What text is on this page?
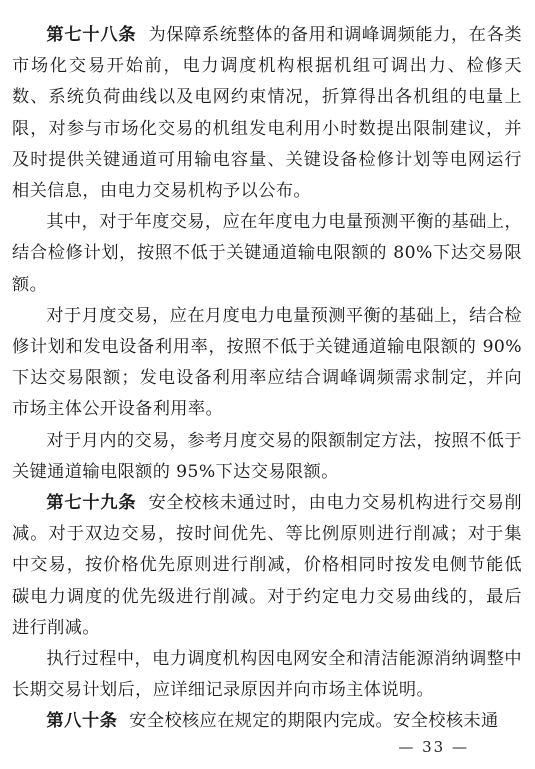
第七十八条 为保障系统整体的备用和调峰调频能力，在各类市场化交易开始前，电力调度机构根据机组可调出力、检修天数、系统负荷曲线以及电网约束情况，折算得出各机组的电量上限，对参与市场化交易的机组发电利用小时数提出限制建议，并及时提供关键通道可用输电容量、关键设备检修计划等电网运行相关信息，由电力交易机构予以公布。

其中，对于年度交易，应在年度电力电量预测平衡的基础上，结合检修计划，按照不低于关键通道输电限额的 80%下达交易限额。

对于月度交易，应在月度电力电量预测平衡的基础上，结合检修计划和发电设备利用率，按照不低于关键通道输电限额的 90%下达交易限额；发电设备利用率应结合调峰调频需求制定，并向市场主体公开设备利用率。

对于月内的交易，参考月度交易的限额制定方法，按照不低于关键通道输电限额的 95%下达交易限额。

第七十九条 安全校核未通过时，由电力交易机构进行交易削减。对于双边交易，按时间优先、等比例原则进行削减；对于集中交易，按价格优先原则进行削减，价格相同时按发电侧节能低碳电力调度的优先级进行削减。对于约定电力交易曲线的，最后进行削减。

执行过程中，电力调度机构因电网安全和清洁能源消纳调整中长期交易计划后，应详细记录原因并向市场主体说明。

第八十条 安全校核应在规定的期限内完成。安全校核未通

— 33 —
